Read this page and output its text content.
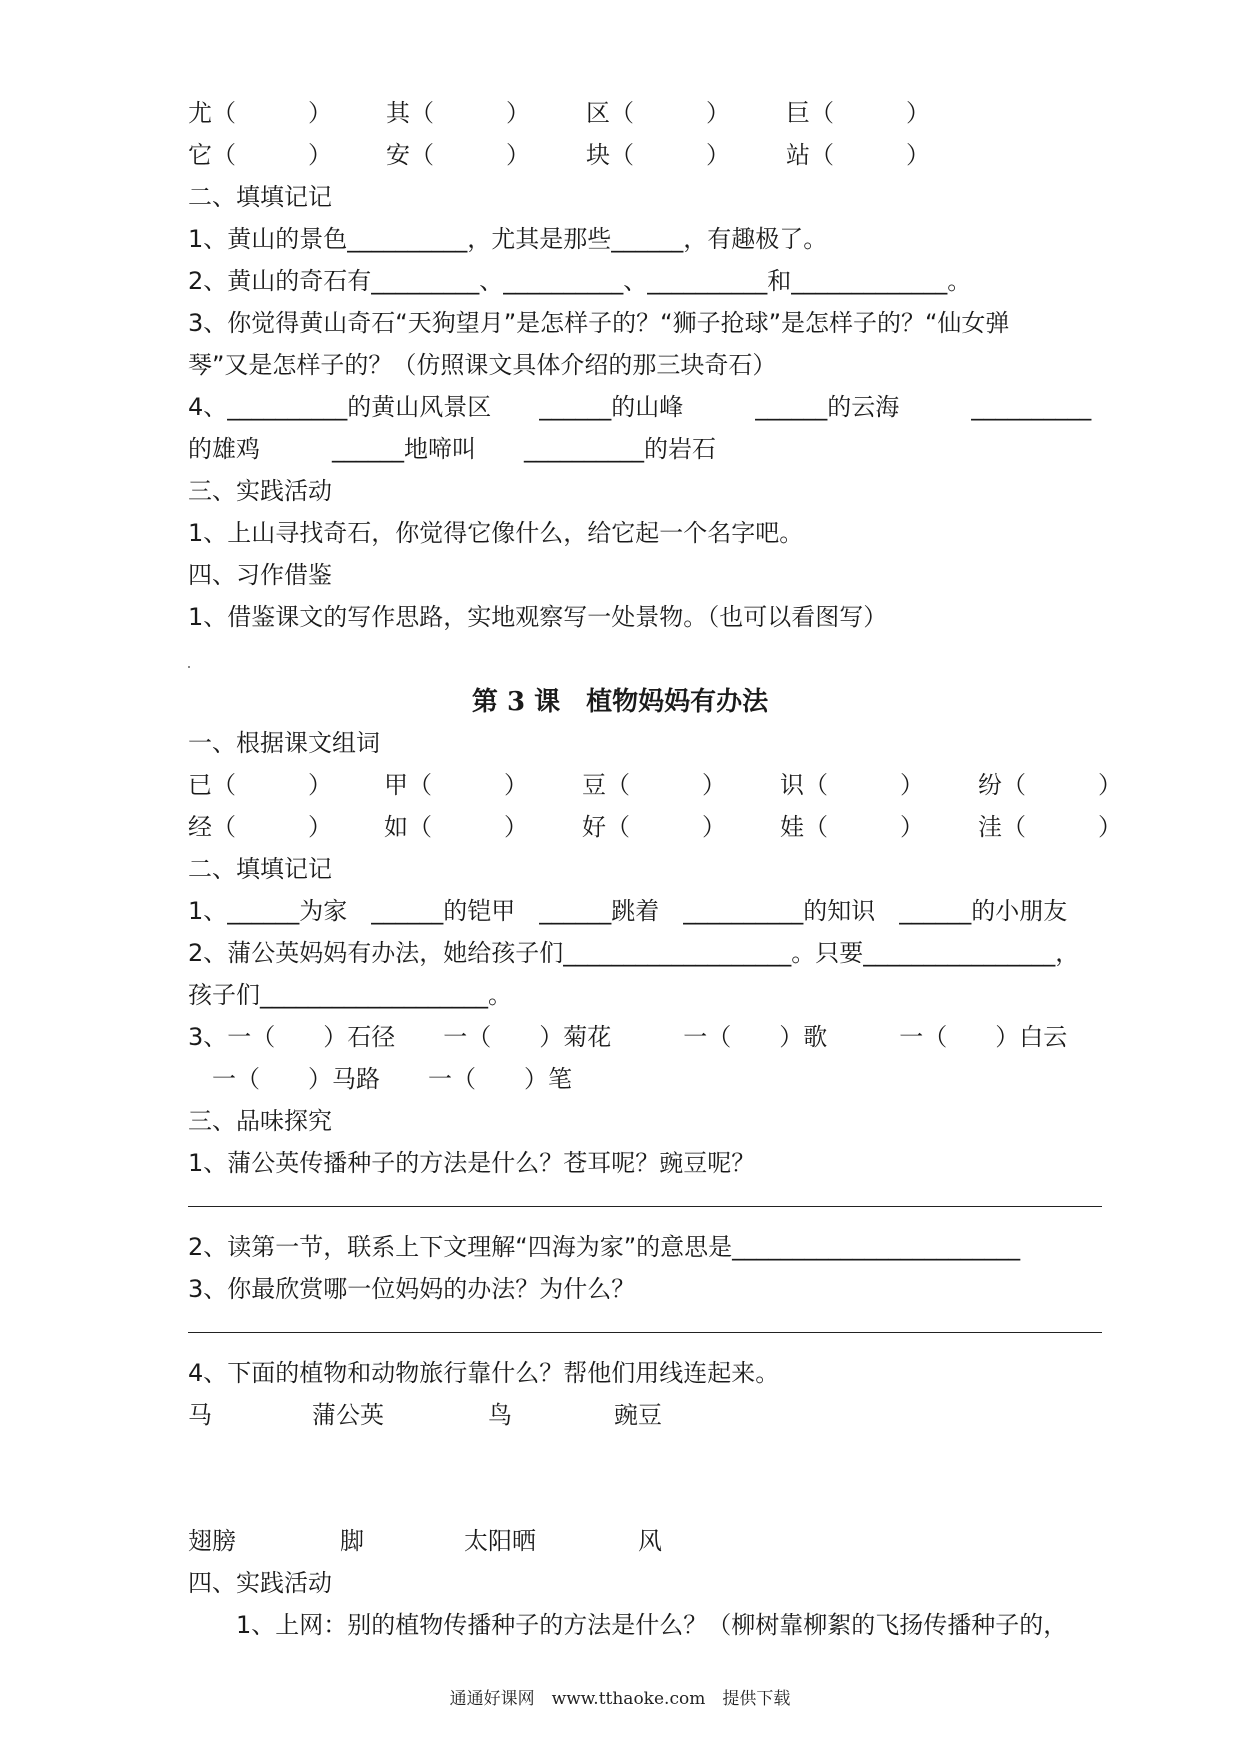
尤（　　　） 其（　　　） 区（　　　） 巨（　　　）
它（　　　） 安（　　　） 块（　　　） 站（　　　）
二、填填记记
1、黄山的景色__________，尤其是那些______，有趣极了。
2、黄山的奇石有_________、__________、__________和_____________。
3、你觉得黄山奇石“天狗望月”是怎样子的？“狮子抢球”是怎样子的？“仙女弹
琴”又是怎样子的？（仿照课文具体介绍的那三块奇石）
4、__________的黄山风景区　　______的山峰　　　______的云海　　　__________
的雄鸡　　　______地啼叫　　__________的岩石
三、实践活动
1、上山寻找奇石，你觉得它像什么，给它起一个名字吧。
四、习作借鉴
1、借鉴课文的写作思路，实地观察写一处景物。（也可以看图写）
第 3 课　植物妈妈有办法
一、根据课文组词
已（　　　） 甲（　　　） 豆（　　　） 识（　　　） 纷（　　　）
经（　　　） 如（　　　） 好（　　　） 娃（　　　） 洼（　　　）
二、填填记记
1、______为家　______的铠甲　______跳着　__________的知识　______的小朋友
2、蒲公英妈妈有办法，她给孩子们___________________。只要________________，
孩子们___________________。
3、一（　　）石径　　一（　　）菊花　　　一（　　）歌　　　一（　　）白云
　一（　　）马路　　一（　　）笔
三、品味探究
1、蒲公英传播种子的方法是什么？苍耳呢？豌豆呢？
2、读第一节，联系上下文理解“四海为家”的意思是________________________
3、你最欣赏哪一位妈妈的办法？为什么？
4、下面的植物和动物旅行靠什么？帮他们用线连起来。
马	蒲公英	鸟	豌豆
翅膀	脚	太阳晒	风
四、实践活动
1、上网：别的植物传播种子的方法是什么？（柳树靠柳絮的飞扬传播种子的，
通通好课网　www.tthaoke.com　提供下载
